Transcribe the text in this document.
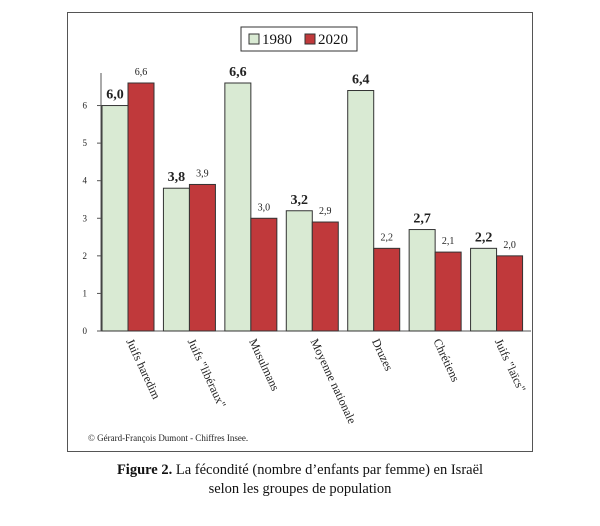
0
1
2
3
4
5
6
6,0
6,6
3,8 3,9
6,6
3,0
3,2
2,9
6,4
2,2
2,7
2,1 2,2
2,0
Juifs haredim Juifs "libéraux" Musulmans Moyenne nationale Druzes	Chrétiens Juifs "laïcs"
1980 2020
© Gérard-François Dumont - Chiffres Insee.
Figure 2. La fécondité (nombre d’enfants par femme) en Israël
selon les groupes de population
